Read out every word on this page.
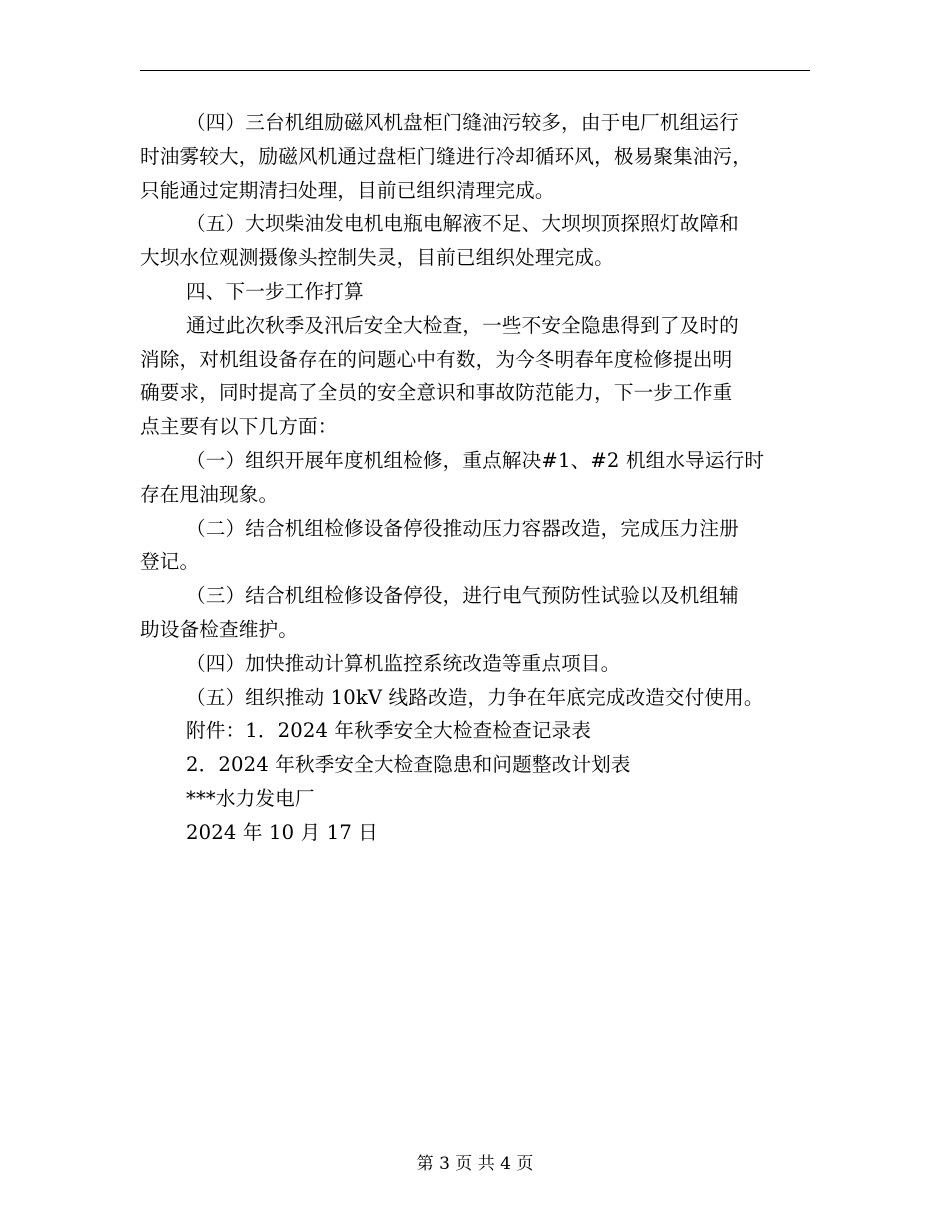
（四）三台机组励磁风机盘柜门缝油污较多，由于电厂机组运行

时油雾较大，励磁风机通过盘柜门缝进行冷却循环风，极易聚集油污，

只能通过定期清扫处理，目前已组织清理完成。

（五）大坝柴油发电机电瓶电解液不足、大坝坝顶探照灯故障和

大坝水位观测摄像头控制失灵，目前已组织处理完成。

四、下一步工作打算

通过此次秋季及汛后安全大检查，一些不安全隐患得到了及时的

消除，对机组设备存在的问题心中有数，为今冬明春年度检修提出明

确要求，同时提高了全员的安全意识和事故防范能力，下一步工作重

点主要有以下几方面：

（一）组织开展年度机组检修，重点解决#1、#2 机组水导运行时

存在甩油现象。

（二）结合机组检修设备停役推动压力容器改造，完成压力注册

登记。

（三）结合机组检修设备停役，进行电气预防性试验以及机组辅

助设备检查维护。

（四）加快推动计算机监控系统改造等重点项目。

（五）组织推动 10kV 线路改造，力争在年底完成改造交付使用。

附件：1．2024 年秋季安全大检查检查记录表

2．2024 年秋季安全大检查隐患和问题整改计划表

***水力发电厂

2024 年 10 月 17 日

第 3 页 共 4 页
